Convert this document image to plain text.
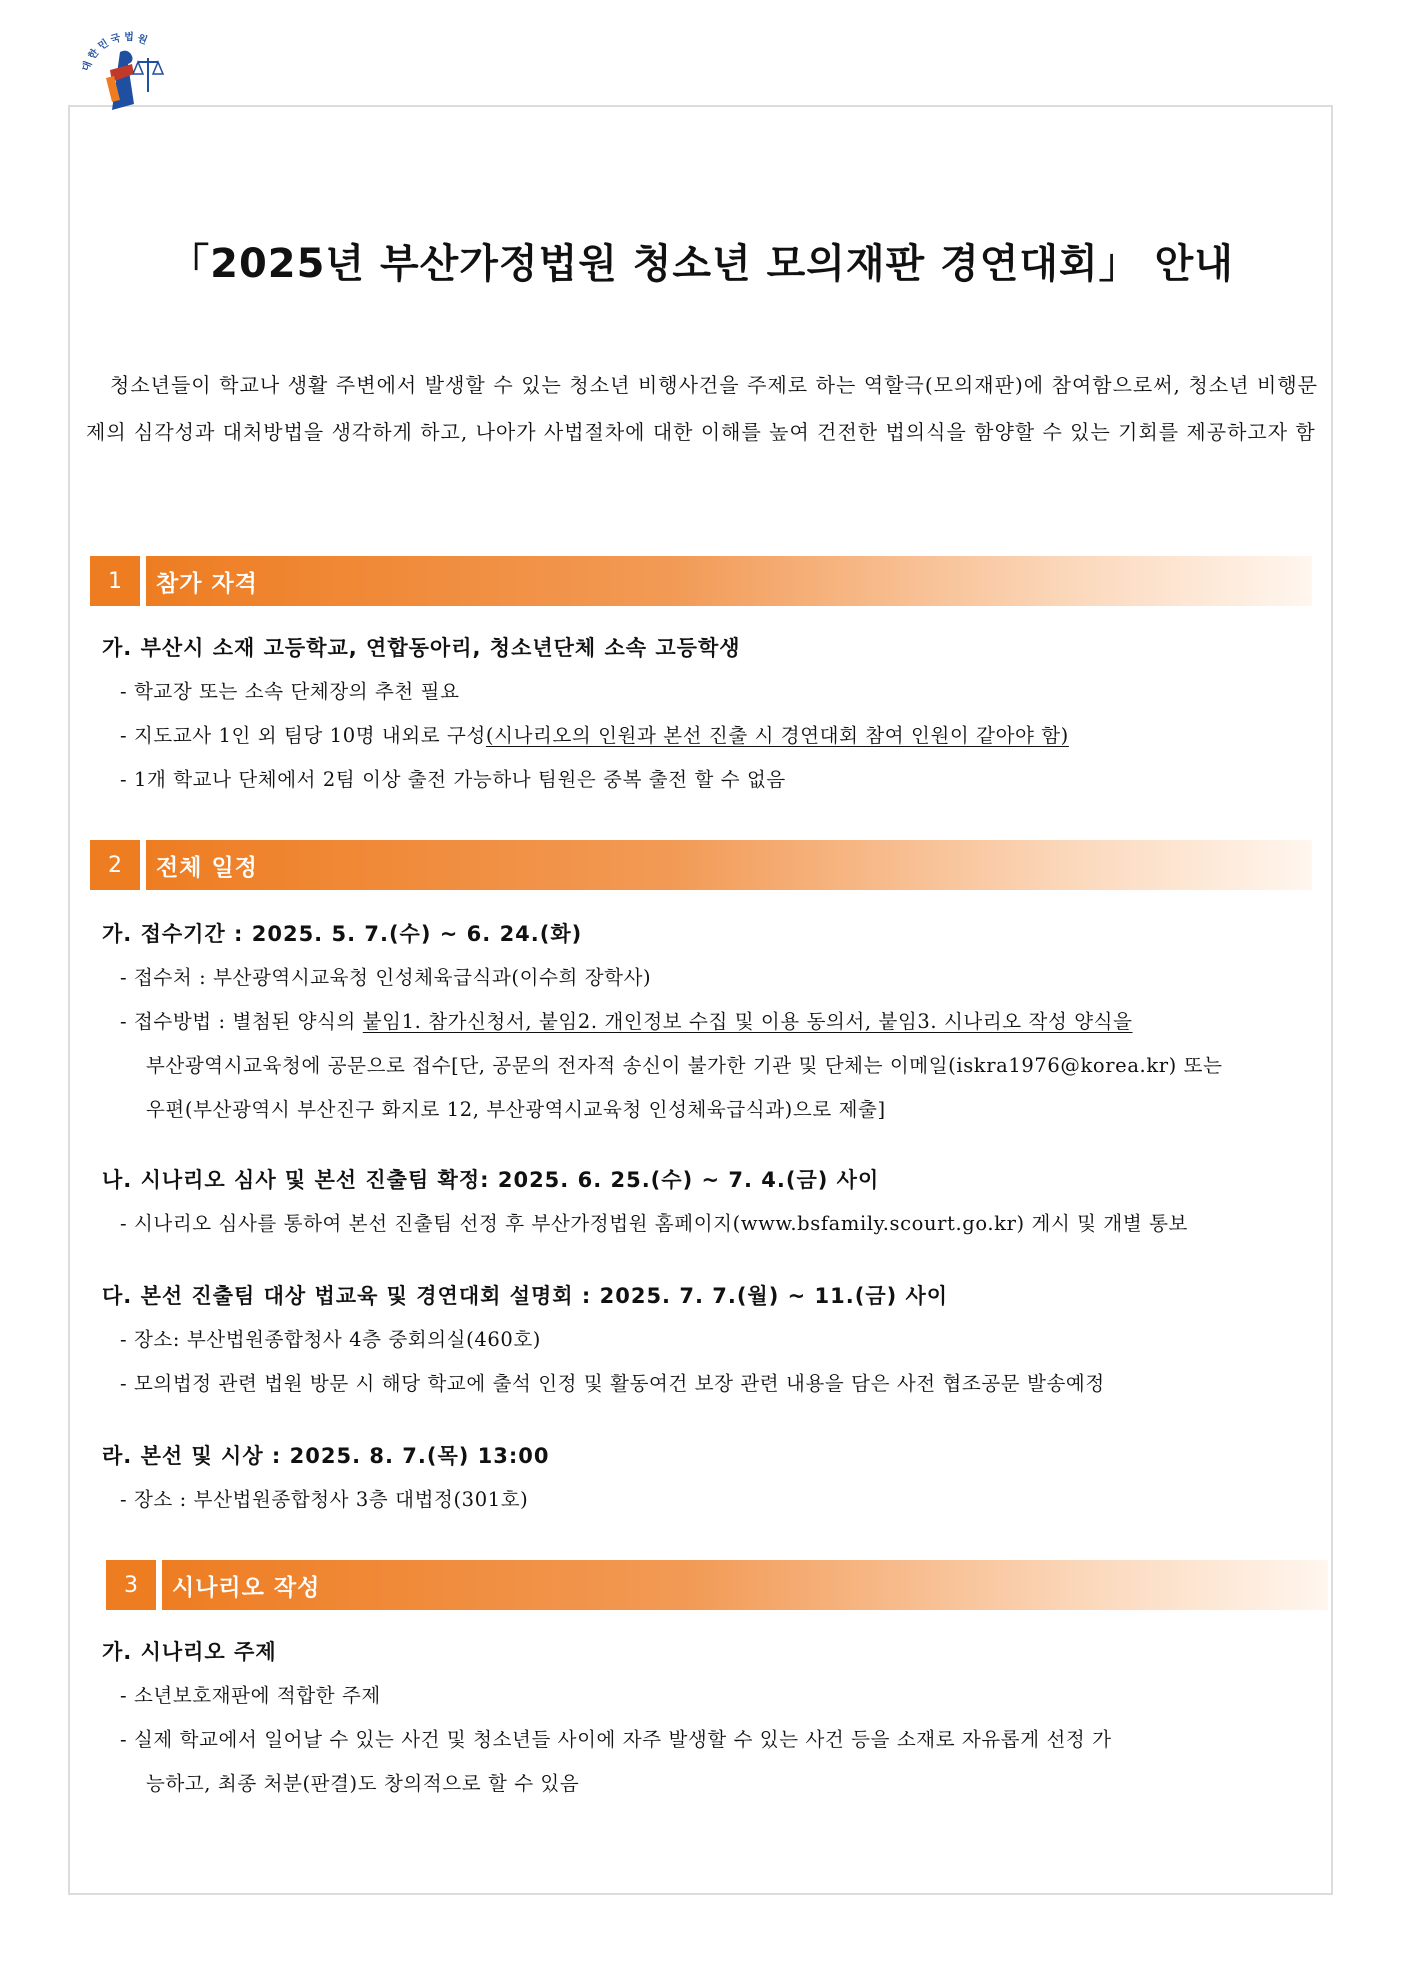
대한민국법원
「2025년 부산가정법원 청소년 모의재판 경연대회」 안내

청소년들이 학교나 생활 주변에서 발생할 수 있는 청소년 비행사건을 주제로 하는 역할극(모의재판)에 참여함으로써, 청소년 비행문제의 심각성과 대처방법을 생각하게 하고, 나아가 사법절차에 대한 이해를 높여 건전한 법의식을 함양할 수 있는 기회를 제공하고자 함

1	참가 자격
가. 부산시 소재 고등학교, 연합동아리, 청소년단체 소속 고등학생
- 학교장 또는 소속 단체장의 추천 필요
- 지도교사 1인 외 팀당 10명 내외로 구성(시나리오의 인원과 본선 진출 시 경연대회 참여 인원이 같아야 함)
- 1개 학교나 단체에서 2팀 이상 출전 가능하나 팀원은 중복 출전 할 수 없음
2	전체 일정
가. 접수기간 : 2025. 5. 7.(수) ~ 6. 24.(화)
- 접수처 : 부산광역시교육청 인성체육급식과(이수희 장학사)
- 접수방법 : 별첨된 양식의 붙임1. 참가신청서, 붙임2. 개인정보 수집 및 이용 동의서, 붙임3. 시나리오 작성 양식을
부산광역시교육청에 공문으로 접수[단, 공문의 전자적 송신이 불가한 기관 및 단체는 이메일(iskra1976@korea.kr) 또는
우편(부산광역시 부산진구 화지로 12, 부산광역시교육청 인성체육급식과)으로 제출]
나. 시나리오 심사 및 본선 진출팀 확정: 2025. 6. 25.(수) ~ 7. 4.(금) 사이
- 시나리오 심사를 통하여 본선 진출팀 선정 후 부산가정법원 홈페이지(www.bsfamily.scourt.go.kr) 게시 및 개별 통보
다. 본선 진출팀 대상 법교육 및 경연대회 설명회 : 2025. 7. 7.(월) ~ 11.(금) 사이
- 장소: 부산법원종합청사 4층 중회의실(460호)
- 모의법정 관련 법원 방문 시 해당 학교에 출석 인정 및 활동여건 보장 관련 내용을 담은 사전 협조공문 발송예정
라. 본선 및 시상 : 2025. 8. 7.(목) 13:00
- 장소 : 부산법원종합청사 3층 대법정(301호)
3	시나리오 작성
가. 시나리오 주제
- 소년보호재판에 적합한 주제
- 실제 학교에서 일어날 수 있는 사건 및 청소년들 사이에 자주 발생할 수 있는 사건 등을 소재로 자유롭게 선정 가
능하고, 최종 처분(판결)도 창의적으로 할 수 있음
